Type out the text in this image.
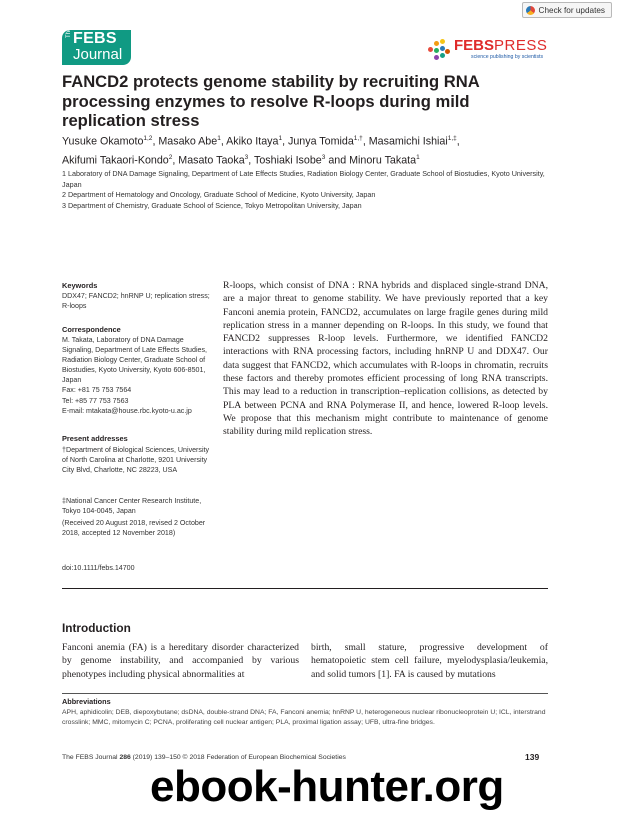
Check for updates
The FEBS
Journal
FEBSPRESS
science publishing by scientists
FANCD2 protects genome stability by recruiting RNA processing enzymes to resolve R-loops during mild replication stress
Yusuke Okamoto$^{1,2}$, Masako Abe$^1$, Akiko Itaya$^1$, Junya Tomida$^{1,\dagger}$, Masamichi Ishiai$^{1,\ddagger}$,
Akifumi Takaori-Kondo$^2$, Masato Taoka$^3$, Toshiaki Isobe$^3$ and Minoru Takata$^1$
1 Laboratory of DNA Damage Signaling, Department of Late Effects Studies, Radiation Biology Center, Graduate School of Biostudies, Kyoto University, Japan
2 Department of Hematology and Oncology, Graduate School of Medicine, Kyoto University, Japan
3 Department of Chemistry, Graduate School of Science, Tokyo Metropolitan University, Japan
Keywords
DDX47; FANCD2; hnRNP U; replication stress; R-loops
Correspondence
M. Takata, Laboratory of DNA Damage Signaling, Department of Late Effects Studies, Radiation Biology Center, Graduate School of Biostudies, Kyoto University, Kyoto 606-8501, Japan
Fax: +81 75 753 7564
Tel: +85 77 753 7563
E-mail: mtakata@house.rbc.kyoto-u.ac.jp
Present addresses
†Department of Biological Sciences, University of North Carolina at Charlotte, 9201 University City Blvd, Charlotte, NC 28223, USA
‡National Cancer Center Research Institute, Tokyo 104-0045, Japan
(Received 20 August 2018, revised 2 October 2018, accepted 12 November 2018)
doi:10.1111/febs.14700
R-loops, which consist of DNA : RNA hybrids and displaced single-strand DNA, are a major threat to genome stability. We have previously reported that a key Fanconi anemia protein, FANCD2, accumulates on large fragile genes during mild replication stress in a manner depending on R-loops. In this study, we found that FANCD2 suppresses R-loop levels. Furthermore, we identified FANCD2 interactions with RNA processing factors, including hnRNP U and DDX47. Our data suggest that FANCD2, which accumulates with R-loops in chromatin, recruits these factors and thereby promotes efficient processing of long RNA transcripts. This may lead to a reduction in transcription–replication collisions, as detected by PLA between PCNA and RNA Polymerase II, and hence, lowered R-loop levels. We propose that this mechanism might contribute to maintenance of genome stability during mild replication stress.
Introduction
Fanconi anemia (FA) is a hereditary disorder characterized by genome instability, and accompanied by various phenotypes including physical abnormalities at
birth, small stature, progressive development of hematopoietic stem cell failure, myelodysplasia/leukemia, and solid tumors [1]. FA is caused by mutations
Abbreviations
APH, aphidicolin; DEB, diepoxybutane; dsDNA, double-strand DNA; FA, Fanconi anemia; hnRNP U, heterogeneous nuclear ribonucleoprotein U; ICL, interstrand crosslink; MMC, mitomycin C; PCNA, proliferating cell nuclear antigen; PLA, proximal ligation assay; UFB, ultra-fine bridges.
The FEBS Journal 286 (2019) 139–150 © 2018 Federation of European Biochemical Societies	139
ebook-hunter.org
